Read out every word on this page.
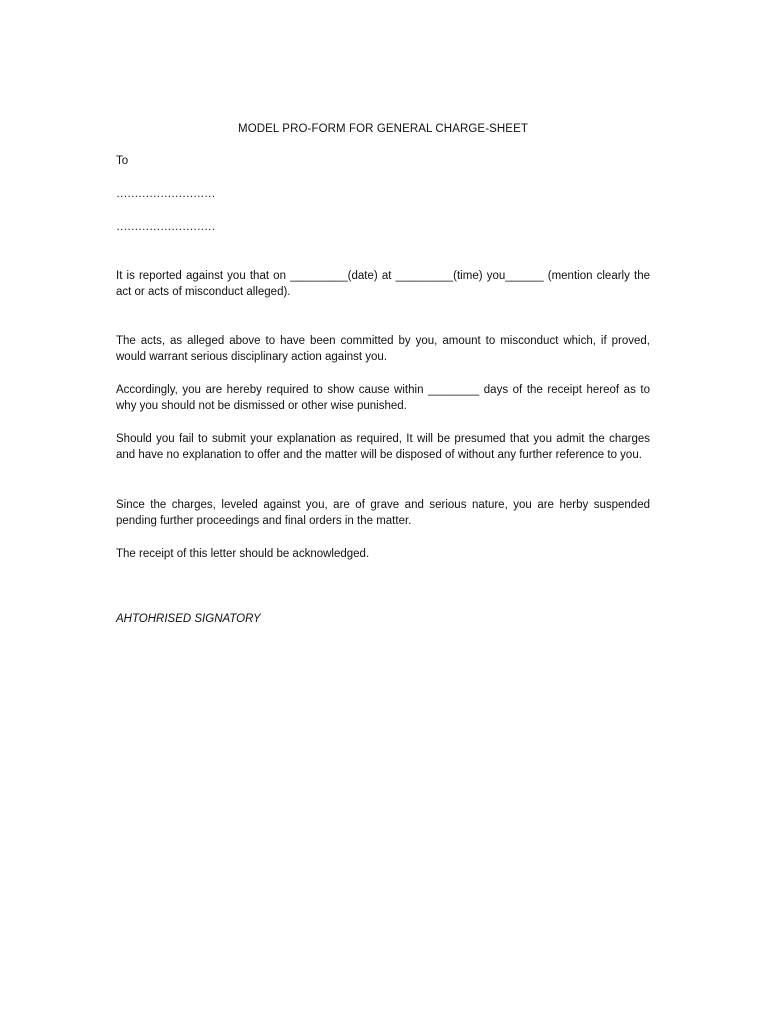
MODEL PRO-FORM FOR GENERAL CHARGE-SHEET
To
………………………
………………………

It is reported against you that on _________(date) at _________(time) you______ (mention clearly the act or acts of misconduct alleged).

The acts, as alleged above to have been committed by you, amount to misconduct which, if proved, would warrant serious disciplinary action against you.

Accordingly, you are hereby required to show cause within ________ days of the receipt hereof as to why you should not be dismissed or other wise punished.

Should you fail to submit your explanation as required, It will be presumed that you admit the charges and have no explanation to offer and the matter will be disposed of without any further reference to you.

Since the charges, leveled against you, are of grave and serious nature, you are herby suspended pending further proceedings and final orders in the matter.

The receipt of this letter should be acknowledged.

AHTOHRISED SIGNATORY
